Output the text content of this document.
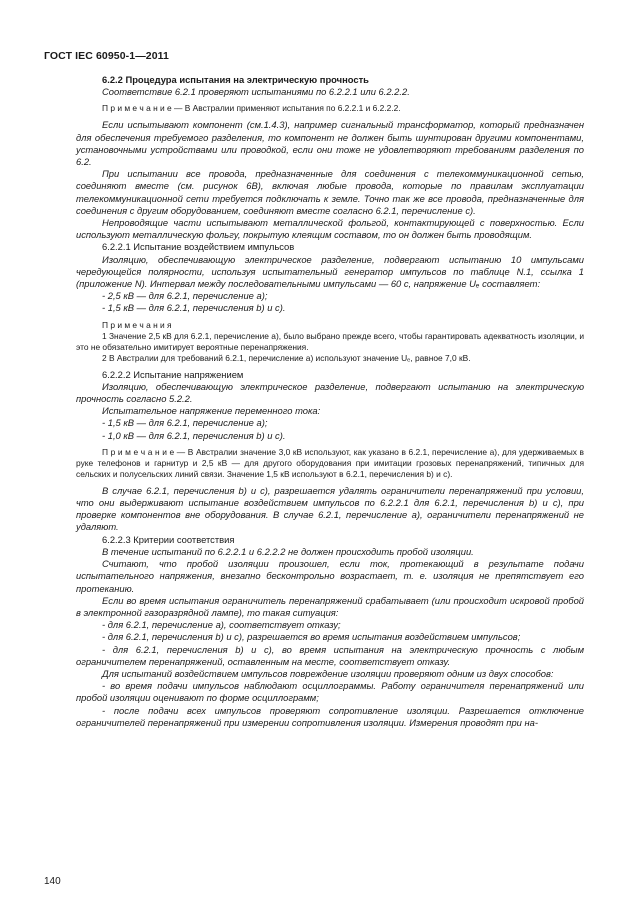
ГОСТ IEC 60950-1—2011

6.2.2 Процедура испытания на электрическую прочность

Соответствие 6.2.1 проверяют испытаниями по 6.2.2.1 или 6.2.2.2.

П р и м е ч а н и е — В Австралии применяют испытания по 6.2.2.1 и 6.2.2.2.

Если испытывают компонент (см.1.4.3), например сигнальный трансформатор, который предназначен для обеспечения требуемого разделения, то компонент не должен быть шунтирован другими компонентами, установочными устройствами или проводкой, если они тоже не удовлетворяют требованиям разделения по 6.2.

При испытании все провода, предназначенные для соединения с телекоммуникационной сетью, соединяют вместе (см. рисунок 6В), включая любые провода, которые по правилам эксплуатации телекоммуникационной сети требуется подключать к земле. Точно так же все провода, предназначенные для соединения с другим оборудованием, соединяют вместе согласно 6.2.1, перечисление с).

Непроводящие части испытывают металлической фольгой, контактирующей с поверхностью. Если используют металлическую фольгу, покрытую клеящим составом, то он должен быть проводящим.

6.2.2.1 Испытание воздействием импульсов

Изоляцию, обеспечивающую электрическое разделение, подвергают испытанию 10 импульсами чередующейся полярности, используя испытательный генератор импульсов по таблице N.1, ссылка 1 (приложение N). Интервал между последовательными импульсами — 60 с, напряжение Uₑ составляет:

- 2,5 кВ — для 6.2.1, перечисление а);

- 1,5 кВ — для 6.2.1, перечисления b) и с).

П р и м е ч а н и я

1 Значение 2,5 кВ для 6.2.1, перечисление а), было выбрано прежде всего, чтобы гарантировать адекватность изоляции, и это не обязательно имитирует вероятные перенапряжения.

2 В Австралии для требований 6.2.1, перечисление а) используют значение Uₑ, равное 7,0 кВ.

6.2.2.2 Испытание напряжением

Изоляцию, обеспечивающую электрическое разделение, подвергают испытанию на электрическую прочность согласно 5.2.2.

Испытательное напряжение переменного тока:

- 1,5 кВ — для 6.2.1, перечисление а);

- 1,0 кВ — для 6.2.1, перечисления b) и с).

П р и м е ч а н и е — В Австралии значение 3,0 кВ используют, как указано в 6.2.1, перечисление а), для удерживаемых в руке телефонов и гарнитур и 2,5 кВ — для другого оборудования при имитации грозовых перенапряжений, типичных для сельских и полусельских линий связи. Значение 1,5 кВ используют в 6.2.1, перечисления b) и с).

В случае 6.2.1, перечисления b) и с), разрешается удалять ограничители перенапряжений при условии, что они выдерживают испытание воздействием импульсов по 6.2.2.1 для 6.2.1, перечисления b) и с), при проверке компонентов вне оборудования. В случае 6.2.1, перечисление а), ограничители перенапряжений не удаляют.

6.2.2.3 Критерии соответствия

В течение испытаний по 6.2.2.1 и 6.2.2.2 не должен происходить пробой изоляции.

Считают, что пробой изоляции произошел, если ток, протекающий в результате подачи испытательного напряжения, внезапно бесконтрольно возрастает, т. е. изоляция не препятствует его протеканию.

Если во время испытания ограничитель перенапряжений срабатывает (или происходит искровой пробой в электронной газоразрядной лампе), то такая ситуация:

- для 6.2.1, перечисление а), соответствует отказу;

- для 6.2.1, перечисления b) и с), разрешается во время испытания воздействием импульсов;

- для 6.2.1, перечисления b) и с), во время испытания на электрическую прочность с любым ограничителем перенапряжений, оставленным на месте, соответствует отказу.

Для испытаний воздействием импульсов повреждение изоляции проверяют одним из двух способов:

- во время подачи импульсов наблюдают осциллограммы. Работу ограничителя перенапряжений или пробой изоляции оценивают по форме осциллограмм;

- после подачи всех импульсов проверяют сопротивление изоляции. Разрешается отключение ограничителей перенапряжений при измерении сопротивления изоляции. Измерения проводят при на-

140
